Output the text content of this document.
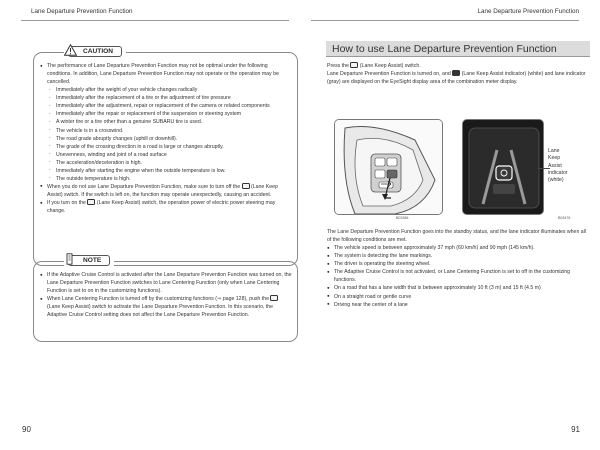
Lane Departure Prevention Function	Lane Departure Prevention Function
CAUTION
● The performance of Lane Departure Prevention Function may not be optimal under the following conditions. In addition, Lane Departure Prevention Function may not operate or the operation may be cancelled.
- Immediately after the weight of your vehicle changes radically
- Immediately after the replacement of a tire or the adjustment of tire pressure
- Immediately after the adjustment, repair or replacement of the camera or related components
- Immediately after the repair or replacement of the suspension or steering system
- A winter tire or a tire other than a genuine SUBARU tire is used.
- The vehicle is in a crosswind.
- The road grade abruptly changes (uphill or downhill).
- The grade of the crossing direction in a road is large or changes abruptly.
- Unevenness, winding and joint of a road surface
- The acceleration/deceleration is high.
- Immediately after starting the engine when the outside temperature is low.
- The outside temperature is high.
● When you do not use Lane Departure Prevention Function, make sure to turn off the (Lane Keep Assist) switch. If the switch is left on, the function may operate unexpectedly, causing an accident.
● If you turn on the (Lane Keep Assist) switch, the operation power of electric power steering may change.
NOTE
● If the Adaptive Cruise Control is activated after the Lane Departure Prevention Function was turned on, the Lane Departure Prevention Function switches to Lane Centering Function (only when Lane Centering Function is set to on in the customizing functions).
● When Lane Centering Function is turned off by the customizing functions (⇒ page 128), push the  (Lane Keep Assist) switch to activate the Lane Departure Prevention Function. In this scenario, the Adaptive Cruise Control setting does not affect the Lane Departure Prevention Function.
How to use Lane Departure Prevention Function
Press the (Lane Keep Assist) switch.
Lane Departure Prevention Function is turned on, and (Lane Keep Assist indicator) (white) and lane indicator (gray) are displayed on the EyeSight display area of the combination meter display.
B03386
Lane
Keep
Assist
indicator
(white)
B03476
The Lane Departure Prevention Function goes into the standby status, and the lane indicator illuminates when all of the following conditions are met.
● The vehicle speed is between approximately 37 mph (60 km/h) and 90 mph (145 km/h).
● The system is detecting the lane markings.
● The driver is operating the steering wheel.
● The Adaptive Cruise Control is not activated, or Lane Centering Function is set to off in the customizing functions.
● On a road that has a lane width that is between approximately 10 ft (3 m) and 15 ft (4.5 m)
● On a straight road or gentle curve
● Driving near the center of a lane
90	91
